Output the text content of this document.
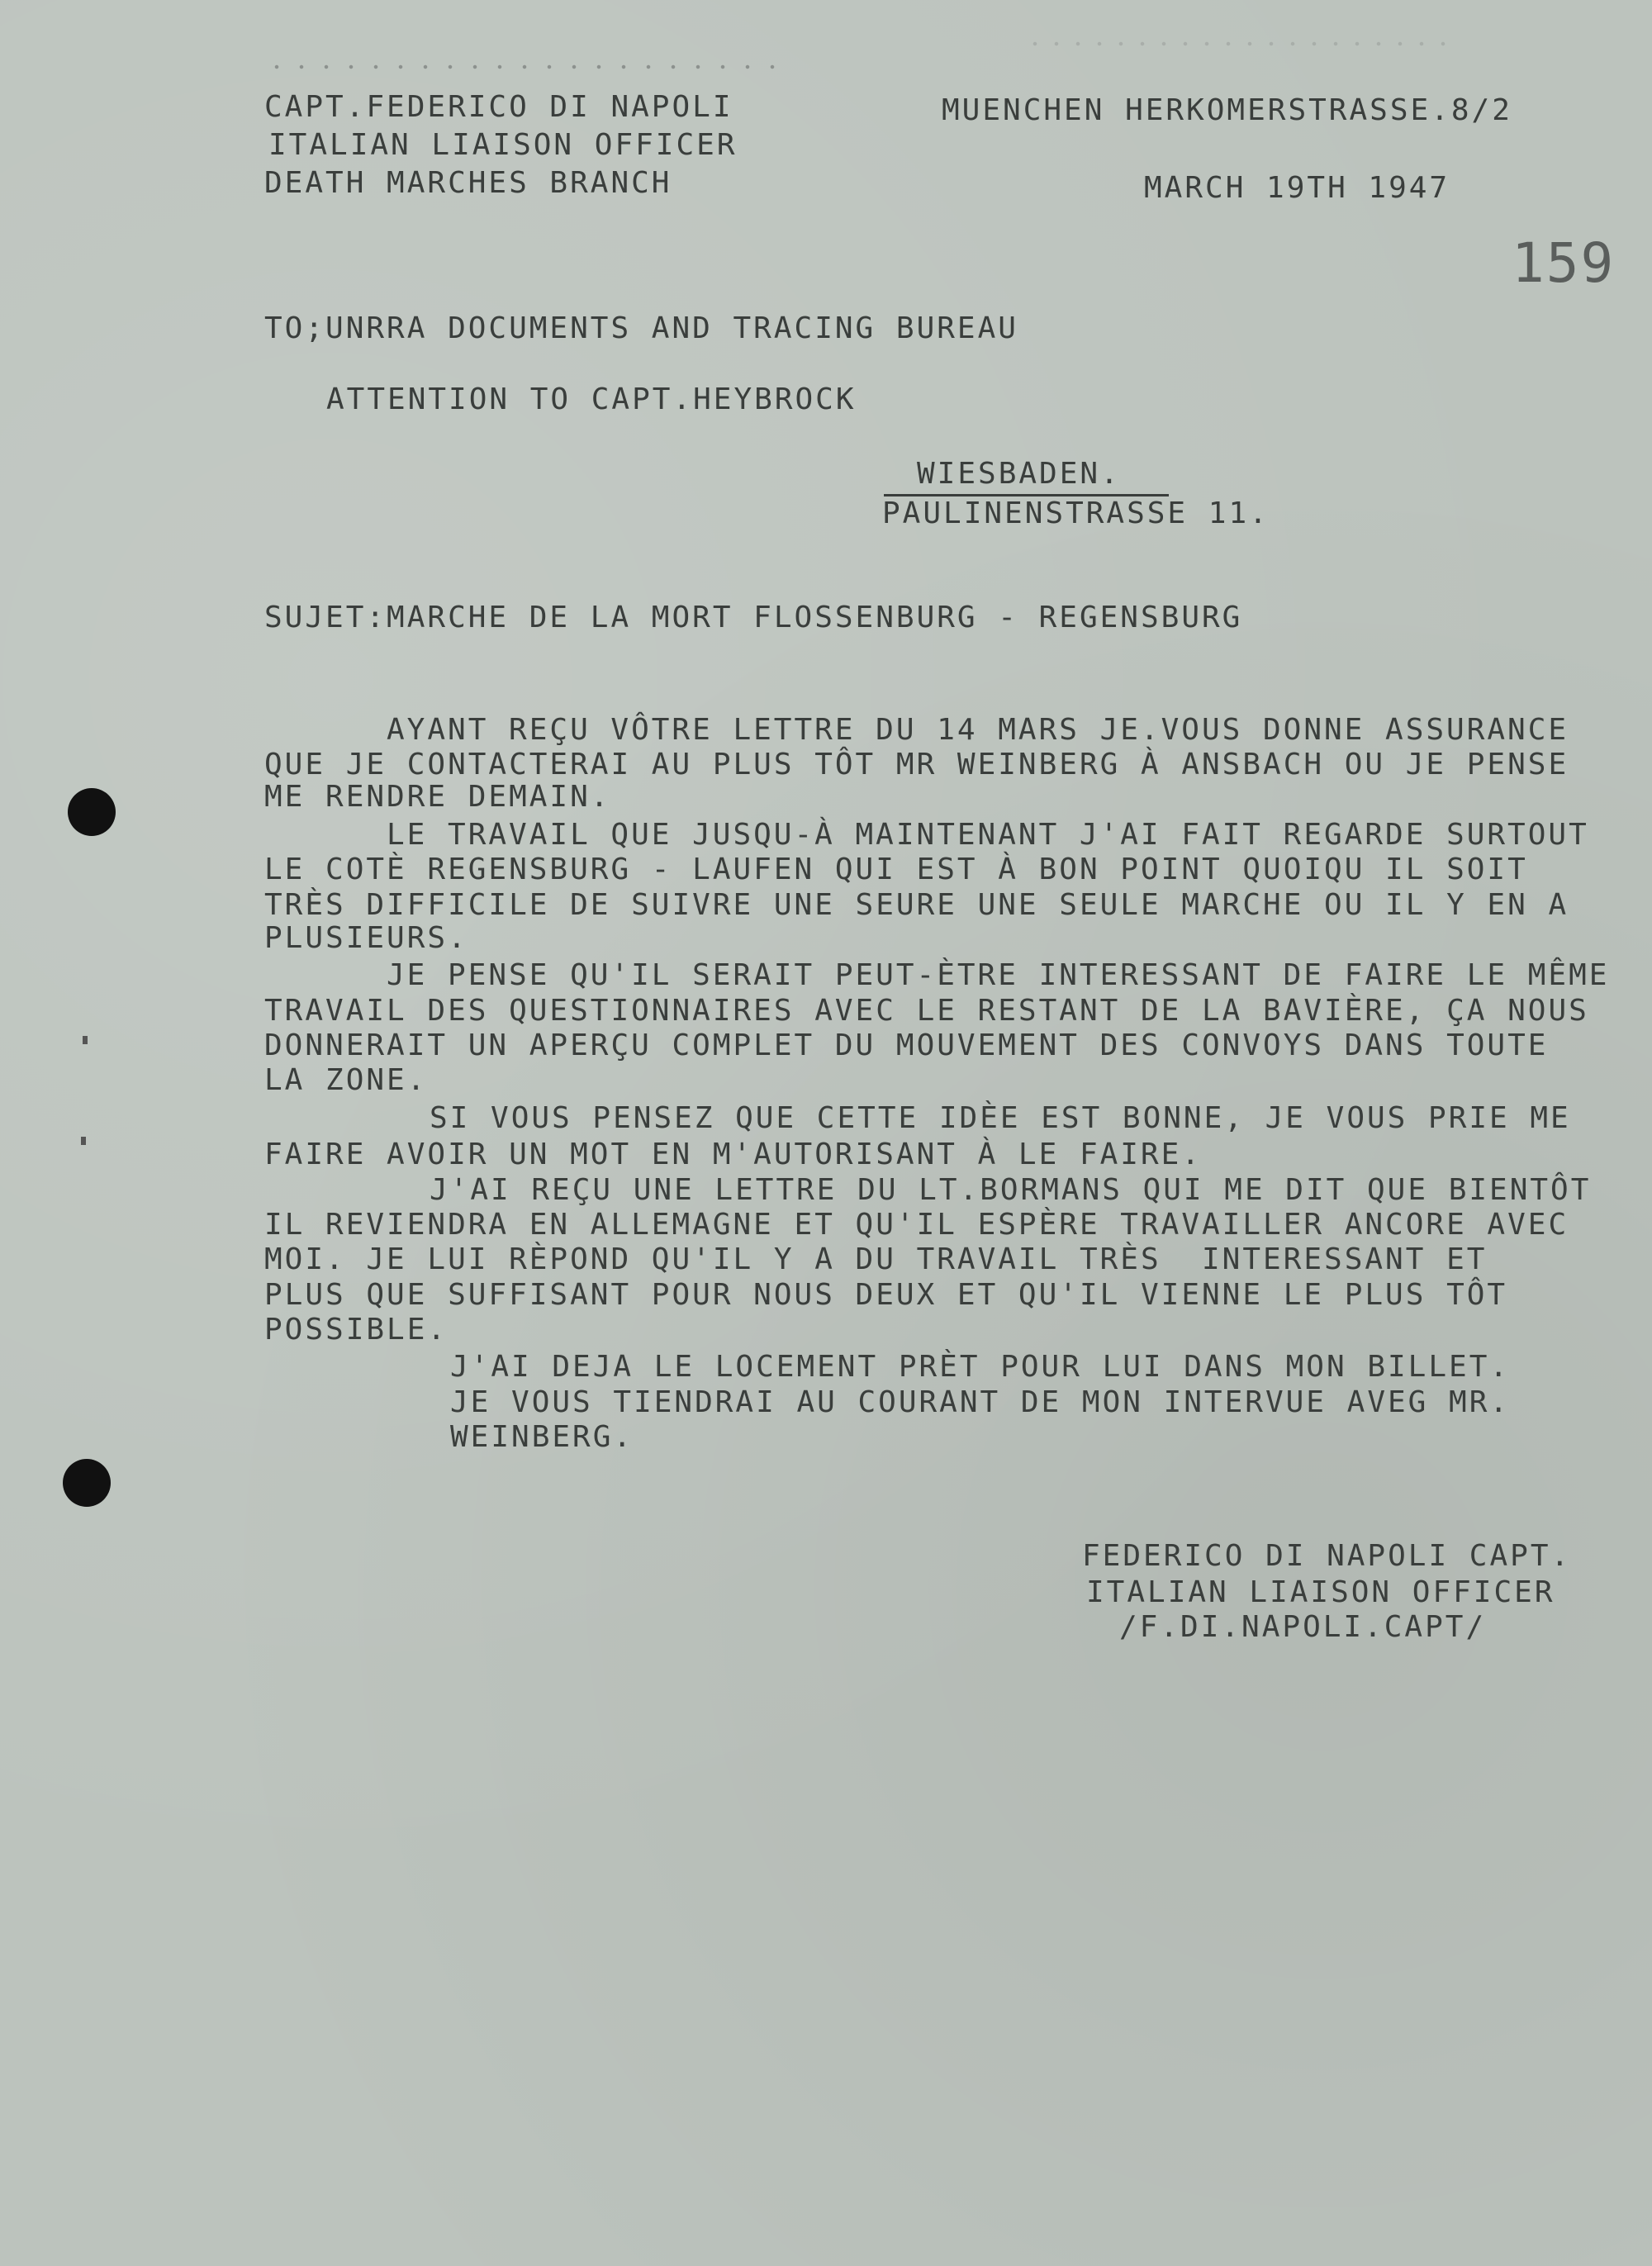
CAPT.FEDERICO DI NAPOLI
ITALIAN LIAISON OFFICER
DEATH MARCHES BRANCH
MUENCHEN HERKOMERSTRASSE.8/2
MARCH 19TH 1947
159
TO;UNRRA DOCUMENTS AND TRACING BUREAU
ATTENTION TO CAPT.HEYBROCK
WIESBADEN.
PAULINENSTRASSE 11.
SUJET:MARCHE DE LA MORT FLOSSENBURG - REGENSBURG
AYANT REÇU VÔTRE LETTRE DU 14 MARS JE.VOUS DONNE ASSURANCE
QUE JE CONTACTERAI AU PLUS TÔT MR WEINBERG À ANSBACH OU JE PENSE
ME RENDRE DEMAIN.
LE TRAVAIL QUE JUSQU-À MAINTENANT J'AI FAIT REGARDE SURTOUT
LE COTÈ REGENSBURG - LAUFEN QUI EST À BON POINT QUOIQU IL SOIT
TRÈS DIFFICILE DE SUIVRE UNE SEURE UNE SEULE MARCHE OU IL Y EN A
PLUSIEURS.
JE PENSE QU'IL SERAIT PEUT-ÈTRE INTERESSANT DE FAIRE LE MÊME
TRAVAIL DES QUESTIONNAIRES AVEC LE RESTANT DE LA BAVIÈRE, ÇA NOUS
DONNERAIT UN APERÇU COMPLET DU MOUVEMENT DES CONVOYS DANS TOUTE
LA ZONE.
SI VOUS PENSEZ QUE CETTE IDÈE EST BONNE, JE VOUS PRIE ME
FAIRE AVOIR UN MOT EN M'AUTORISANT À LE FAIRE.
J'AI REÇU UNE LETTRE DU LT.BORMANS QUI ME DIT QUE BIENTÔT
IL REVIENDRA EN ALLEMAGNE ET QU'IL ESPÈRE TRAVAILLER ANCORE AVEC
MOI. JE LUI RÈPOND QU'IL Y A DU TRAVAIL TRÈS  INTERESSANT ET
PLUS QUE SUFFISANT POUR NOUS DEUX ET QU'IL VIENNE LE PLUS TÔT
POSSIBLE.
J'AI DEJA LE LOCEMENT PRÈT POUR LUI DANS MON BILLET.
JE VOUS TIENDRAI AU COURANT DE MON INTERVUE AVEG MR.
WEINBERG.
FEDERICO DI NAPOLI CAPT.
ITALIAN LIAISON OFFICER
/F.DI.NAPOLI.CAPT/
